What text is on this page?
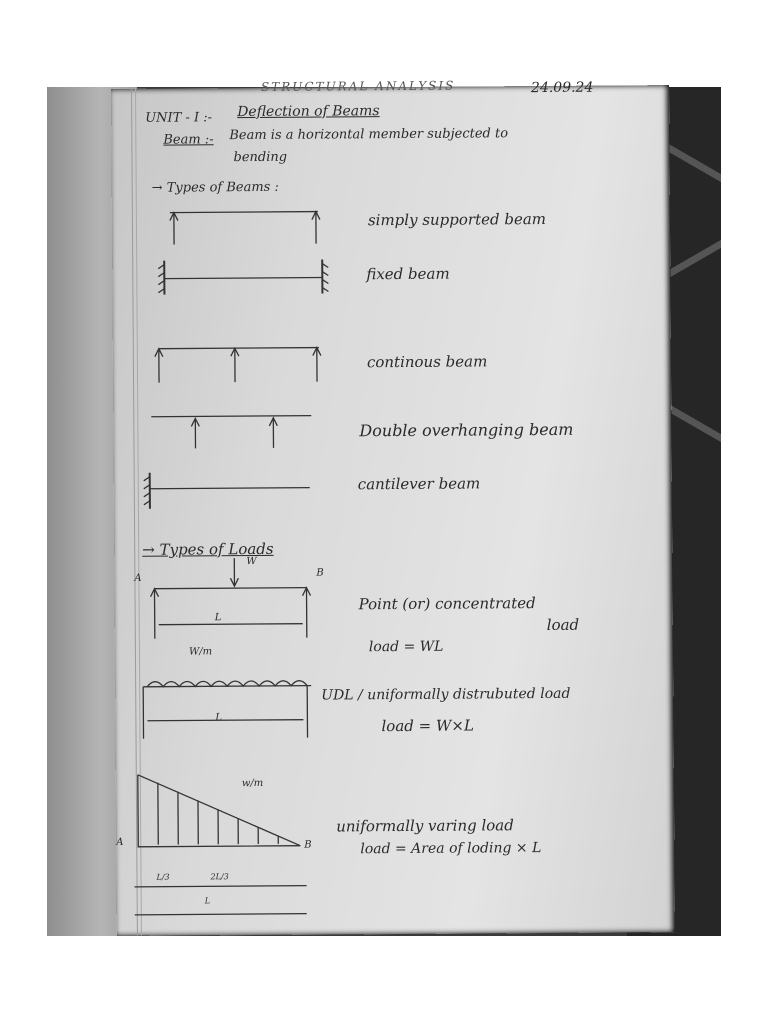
STRUCTURAL ANALYSIS	24.09.24
UNIT - I :- Deflection of Beams
Beam :- Beam is a horizontal member subjected to
bending
→ Types of Beams :
simply supported beam
fixed beam
continous beam
Double overhanging beam
cantilever beam
→ Types of Loads
Point (or) concentrated
load
load = WL
UDL / uniformally distrubuted load
load = W×L
uniformally varing load
load = Area of loding × L
A	B
W
L
W/m
L
w/m
A	B
L/3	2L/3
L
